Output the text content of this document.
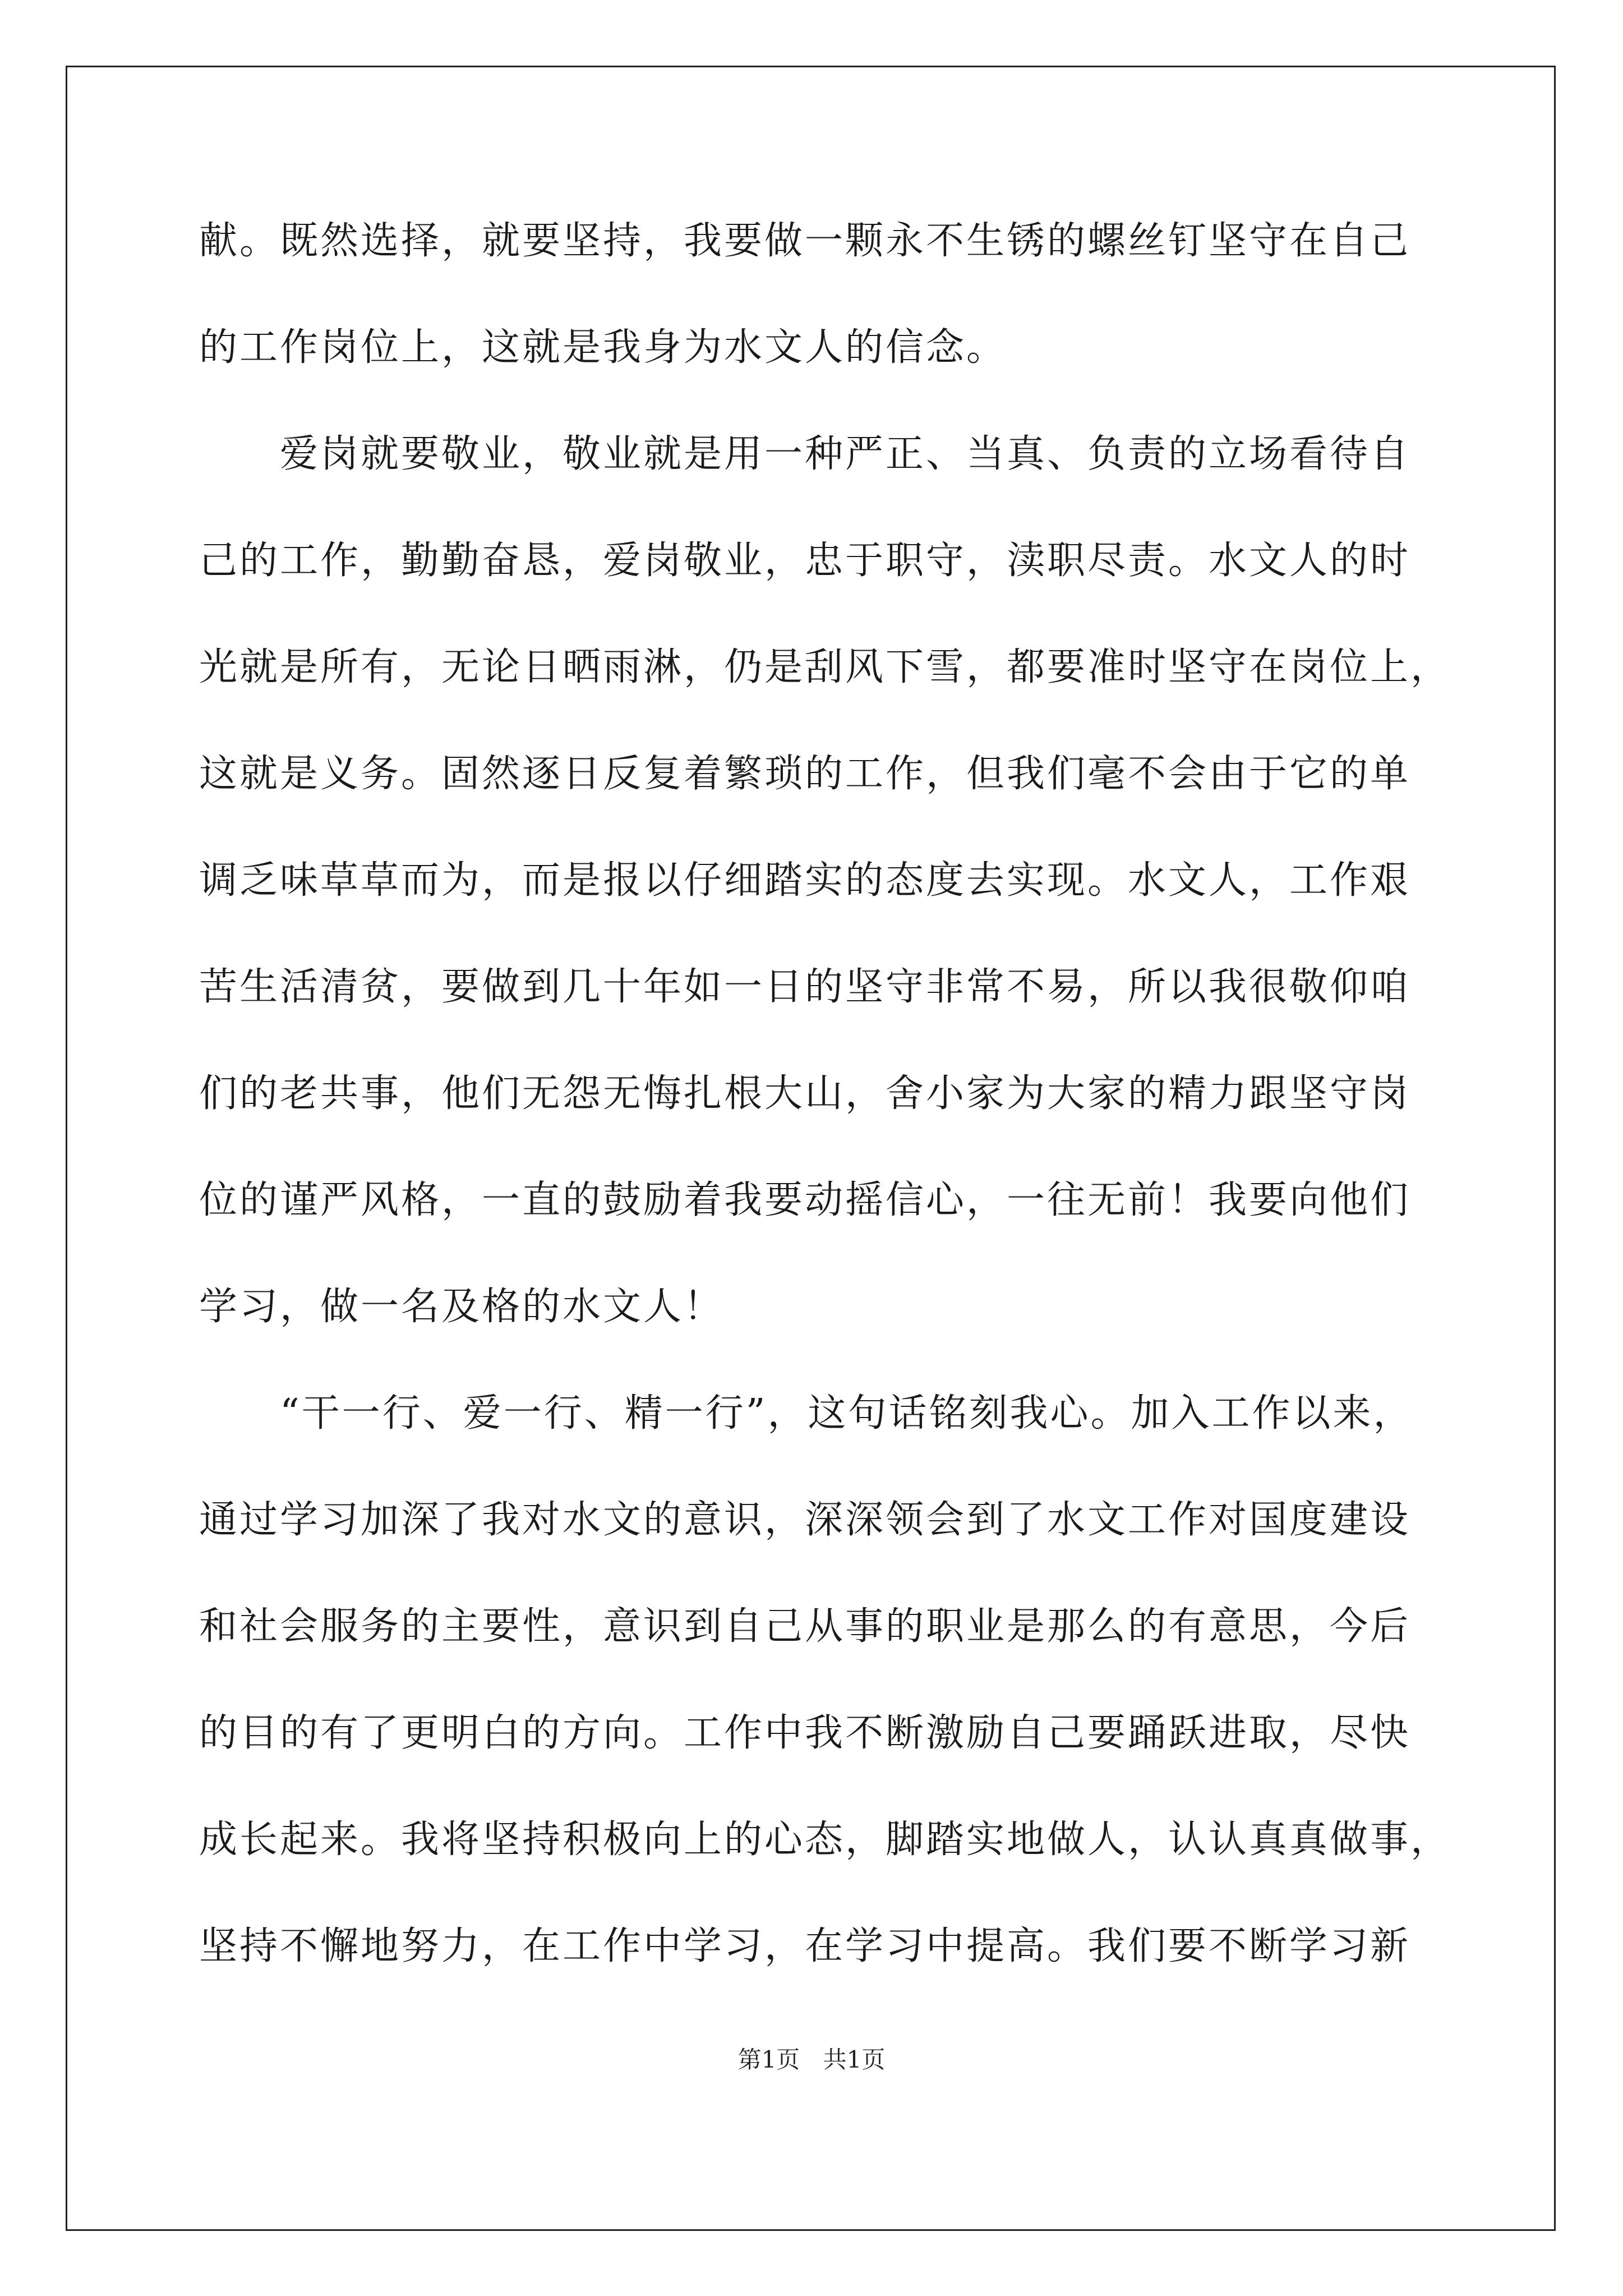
献。既然选择，就要坚持，我要做一颗永不生锈的螺丝钉坚守在自己
的工作岗位上，这就是我身为水文人的信念。
　　爱岗就要敬业，敬业就是用一种严正、当真、负责的立场看待自
己的工作，勤勤奋恳，爱岗敬业，忠于职守，渎职尽责。水文人的时
光就是所有，无论日晒雨淋，仍是刮风下雪，都要准时坚守在岗位上，
这就是义务。固然逐日反复着繁琐的工作，但我们毫不会由于它的单
调乏味草草而为，而是报以仔细踏实的态度去实现。水文人，工作艰
苦生活清贫，要做到几十年如一日的坚守非常不易，所以我很敬仰咱
们的老共事，他们无怨无悔扎根大山，舍小家为大家的精力跟坚守岗
位的谨严风格，一直的鼓励着我要动摇信心，一往无前！我要向他们
学习，做一名及格的水文人！
　　“干一行、爱一行、精一行”，这句话铭刻我心。加入工作以来，
通过学习加深了我对水文的意识，深深领会到了水文工作对国度建设
和社会服务的主要性，意识到自己从事的职业是那么的有意思，今后
的目的有了更明白的方向。工作中我不断激励自己要踊跃进取，尽快
成长起来。我将坚持积极向上的心态，脚踏实地做人，认认真真做事，
坚持不懈地努力，在工作中学习，在学习中提高。我们要不断学习新
第1页 共1页
